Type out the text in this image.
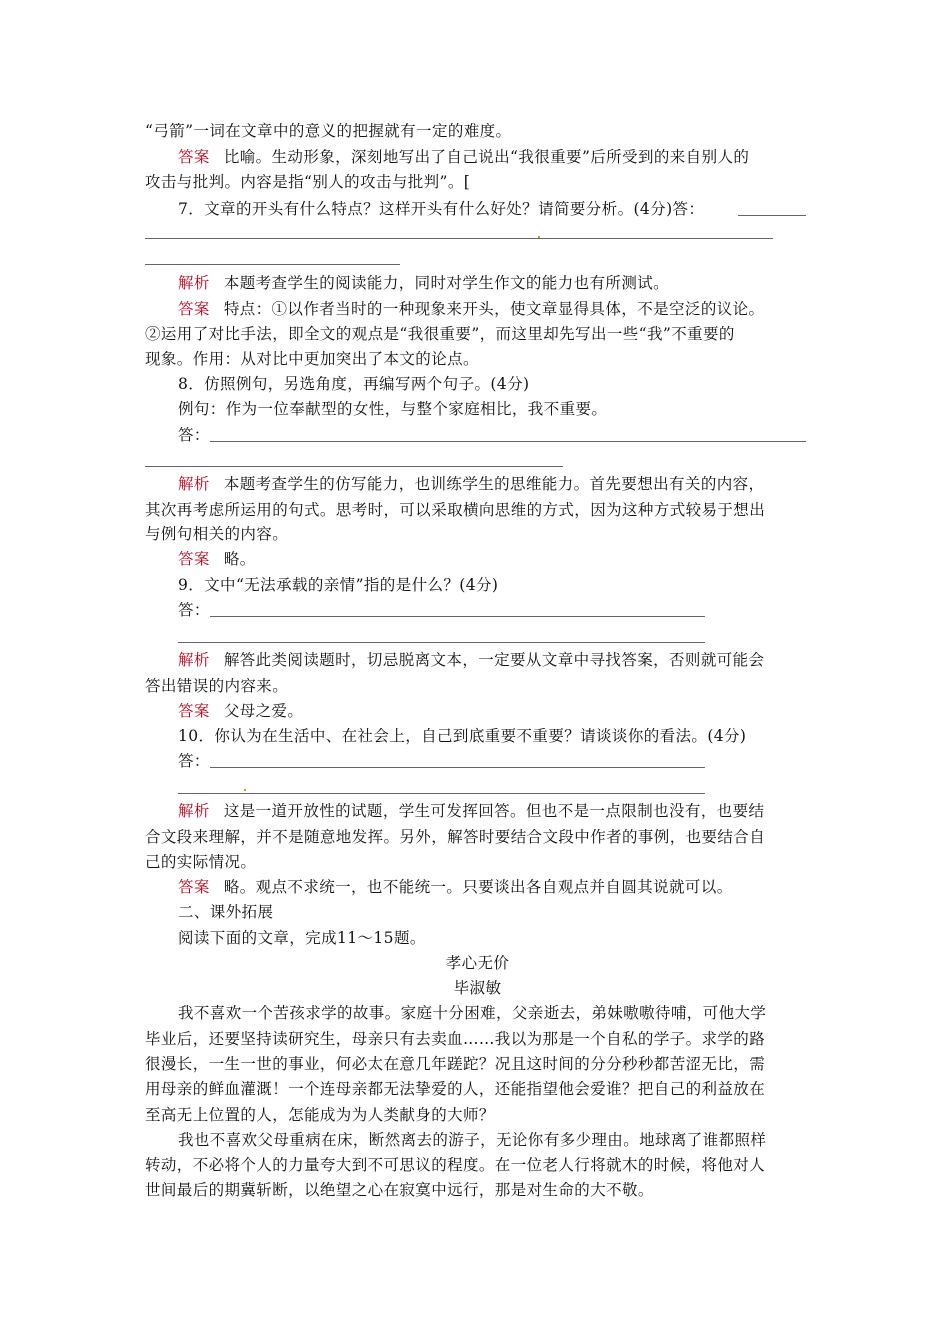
“弓箭”一词在文章中的意义的把握就有一定的难度。
答案 比喻。生动形象，深刻地写出了自己说出“我很重要”后所受到的来自别人的
攻击与批判。内容是指“别人的攻击与批判”。[
7．文章的开头有什么特点？这样开头有什么好处？请简要分析。(4分)答：
解析 本题考查学生的阅读能力，同时对学生作文的能力也有所测试。
答案 特点：①以作者当时的一种现象来开头，使文章显得具体，不是空泛的议论。
②运用了对比手法，即全文的观点是“我很重要”，而这里却先写出一些“我”不重要的
现象。作用：从对比中更加突出了本文的论点。
8．仿照例句，另选角度，再编写两个句子。(4分)
例句：作为一位奉献型的女性，与整个家庭相比，我不重要。
答：
解析 本题考查学生的仿写能力，也训练学生的思维能力。首先要想出有关的内容，
其次再考虑所运用的句式。思考时，可以采取横向思维的方式，因为这种方式较易于想出
与例句相关的内容。
答案 略。
9．文中“无法承载的亲情”指的是什么？(4分)
答：
解析 解答此类阅读题时，切忌脱离文本，一定要从文章中寻找答案，否则就可能会
答出错误的内容来。
答案 父母之爱。
10．你认为在生活中、在社会上，自己到底重要不重要？请谈谈你的看法。(4分)
答：
解析 这是一道开放性的试题，学生可发挥回答。但也不是一点限制也没有，也要结
合文段来理解，并不是随意地发挥。另外，解答时要结合文段中作者的事例，也要结合自
己的实际情况。
答案 略。观点不求统一，也不能统一。只要谈出各自观点并自圆其说就可以。
二、课外拓展
阅读下面的文章，完成11～15题。
孝心无价
毕淑敏
我不喜欢一个苦孩求学的故事。家庭十分困难，父亲逝去，弟妹嗷嗷待哺，可他大学
毕业后，还要坚持读研究生，母亲只有去卖血……我以为那是一个自私的学子。求学的路
很漫长，一生一世的事业，何必太在意几年蹉跎？况且这时间的分分秒秒都苦涩无比，需
用母亲的鲜血灌溉！一个连母亲都无法挚爱的人，还能指望他会爱谁？把自己的利益放在
至高无上位置的人，怎能成为为人类献身的大师？
我也不喜欢父母重病在床，断然离去的游子，无论你有多少理由。地球离了谁都照样
转动，不必将个人的力量夸大到不可思议的程度。在一位老人行将就木的时候，将他对人
世间最后的期冀斩断，以绝望之心在寂寞中远行，那是对生命的大不敬。
